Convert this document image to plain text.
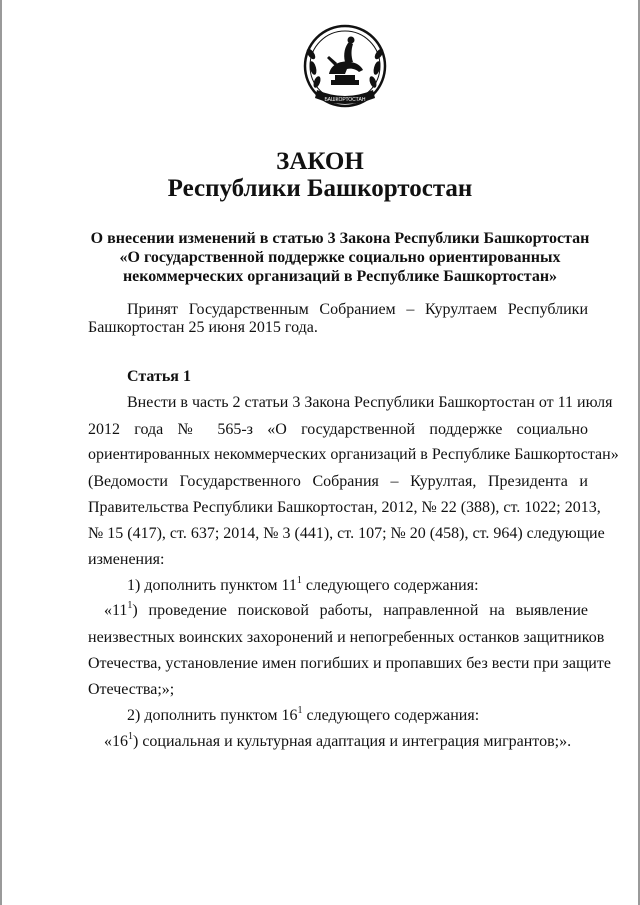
БАШКОРТОСТАН
ЗАКОН
Республики Башкортостан
О внесении изменений в статью 3 Закона Республики Башкортостан
«О государственной поддержке социально ориентированных
некоммерческих организаций в Республике Башкортостан»
Принят Государственным Собранием – Курултаем Республики
Башкортостан 25 июня 2015 года.
Статья 1
Внести в часть 2 статьи 3 Закона Республики Башкортостан от 11 июля
2012 года № 565-з «О государственной поддержке социально
ориентированных некоммерческих организаций в Республике Башкортостан»
(Ведомости Государственного Собрания – Курултая, Президента и
Правительства Республики Башкортостан, 2012, № 22 (388), ст. 1022; 2013,
№ 15 (417), ст. 637; 2014, № 3 (441), ст. 107; № 20 (458), ст. 964) следующие
изменения:
1) дополнить пунктом $11^1$ следующего содержания:
«$11^1$) проведение поисковой работы, направленной на выявление
неизвестных воинских захоронений и непогребенных останков защитников
Отечества, установление имен погибших и пропавших без вести при защите
Отечества;»;
2) дополнить пунктом $16^1$ следующего содержания:
«$16^1$) социальная и культурная адаптация и интеграция мигрантов;».
